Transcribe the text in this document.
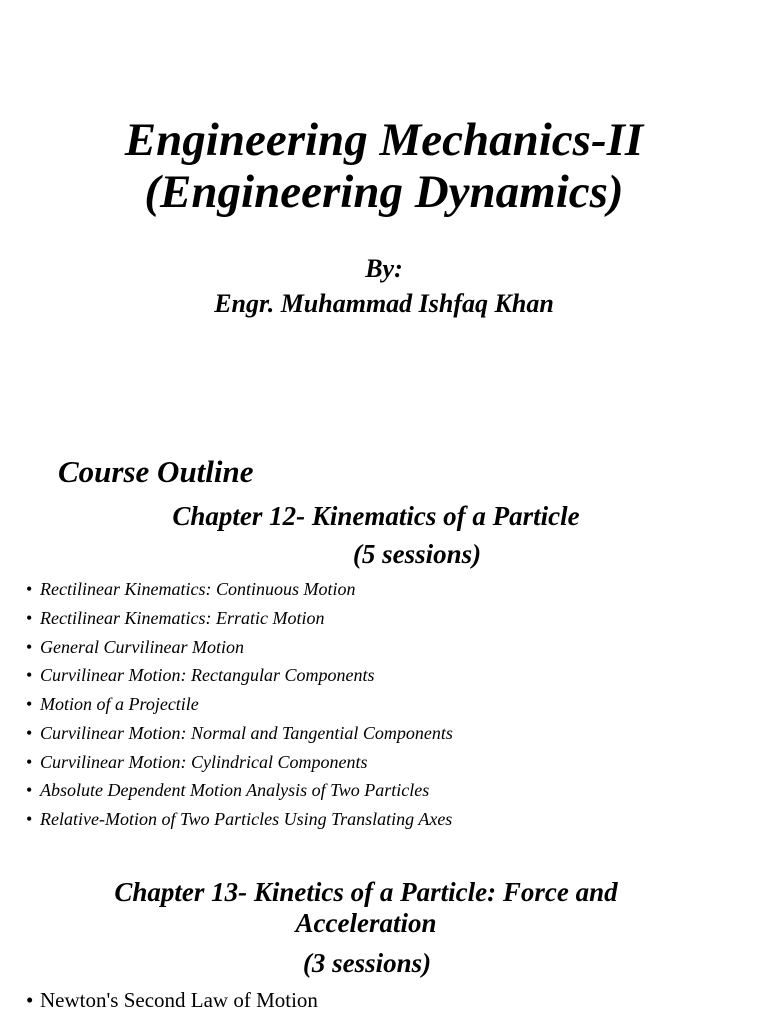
Engineering Mechanics-II
(Engineering Dynamics)
By:
Engr. Muhammad Ishfaq Khan
Course Outline
Chapter 12- Kinematics of a Particle
(5 sessions)
• Rectilinear Kinematics: Continuous Motion
• Rectilinear Kinematics: Erratic Motion
• General Curvilinear Motion
• Curvilinear Motion: Rectangular Components
• Motion of a Projectile
• Curvilinear Motion: Normal and Tangential Components
• Curvilinear Motion: Cylindrical Components
• Absolute Dependent Motion Analysis of Two Particles
• Relative-Motion of Two Particles Using Translating Axes
Chapter 13- Kinetics of a Particle: Force and Acceleration
(3 sessions)
• Newton's Second Law of Motion
